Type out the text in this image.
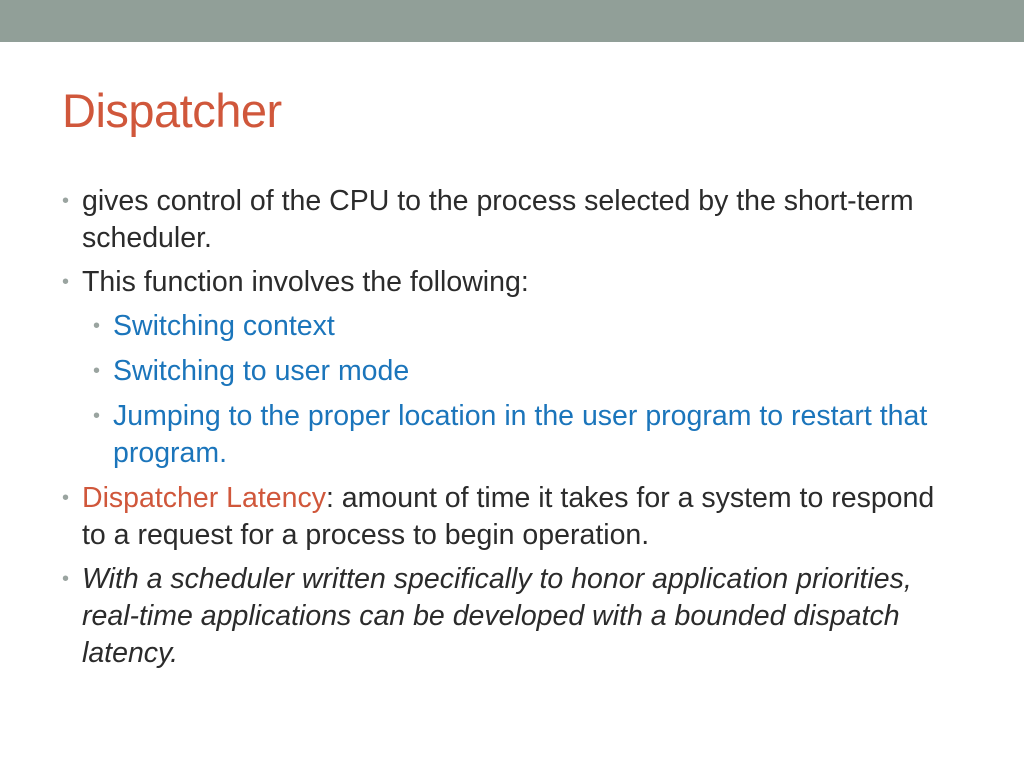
Dispatcher
• gives control of the CPU to the process selected by the short-term scheduler.
• This function involves the following:
• Switching context
• Switching to user mode
• Jumping to the proper location in the user program to restart that program.
• Dispatcher Latency: amount of time it takes for a system to respond to a request for a process to begin operation.
• With a scheduler written specifically to honor application priorities, real-time applications can be developed with a bounded dispatch latency.
